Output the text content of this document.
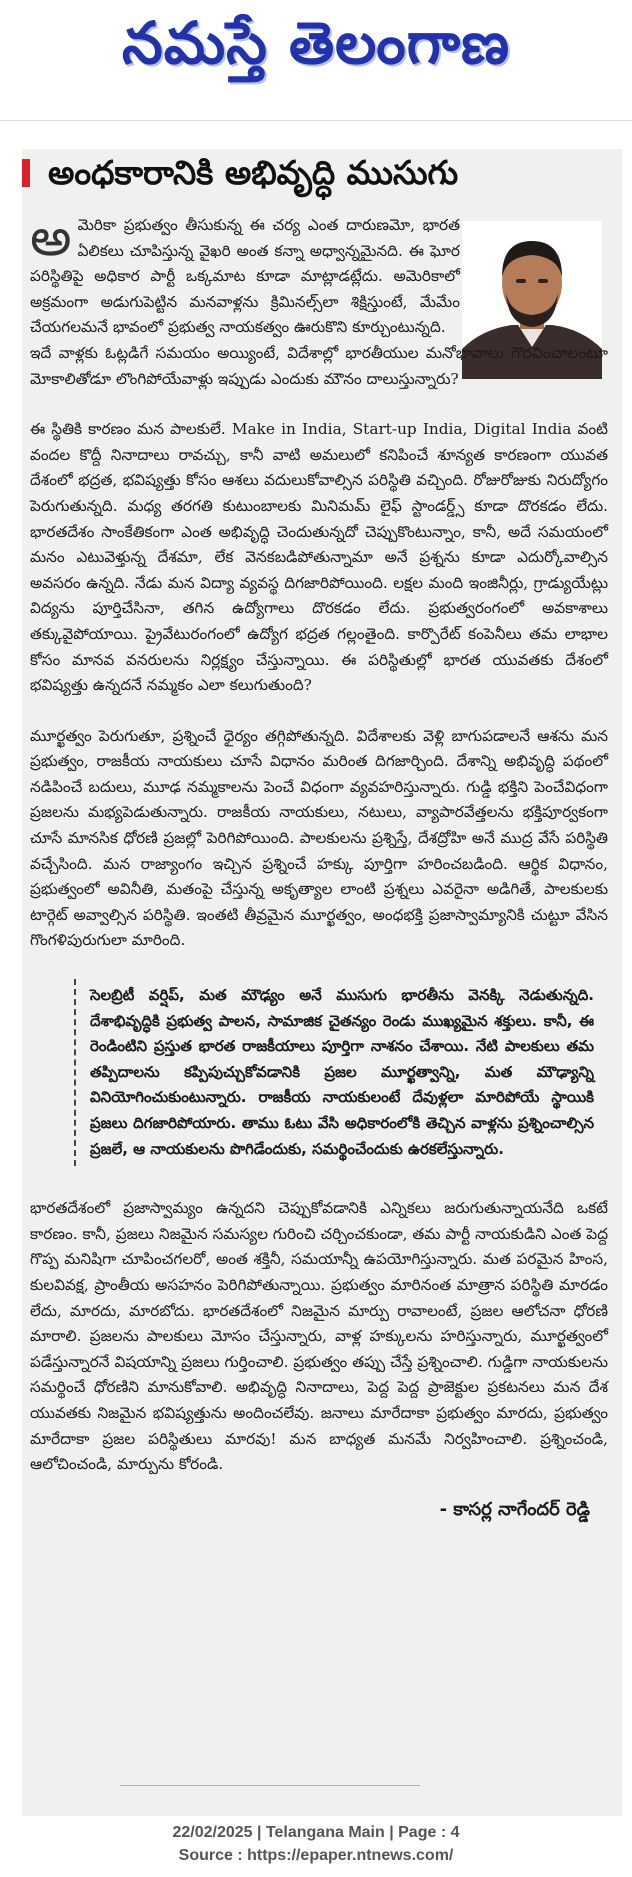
నమస్తే తెలంగాణ
అంధకారానికి అభివృద్ధి ముసుగు

అమెరికా ప్రభుత్వం తీసుకున్న ఈ చర్య ఎంత దారుణమో, భారత ఏలికలు చూపిస్తున్న వైఖరి అంత కన్నా అధ్వాన్నమైనది. ఈ ఘోర పరిస్థితిపై అధికార పార్టీ ఒక్కమాట కూడా మాట్లాడట్లేదు. అమెరికాలో అక్రమంగా అడుగుపెట్టిన మనవాళ్లను క్రిమినల్స్‌లా శిక్షిస్తుంటే, మేమేం చేయగలమనే భావంలో ప్రభుత్వ నాయకత్వం ఊరుకొని కూర్చుంటున్నది.

ఇదే వాళ్లకు ఓట్లడిగే సమయం అయ్యింటే, విదేశాల్లో భారతీయుల మనోభావాలు గౌరవించాలంటూ మోకాలితోడూ లొంగిపోయేవాళ్లు ఇప్పుడు ఎందుకు మౌనం దాలుస్తున్నారు?

ఈ స్థితికి కారణం మన పాలకులే. Make in India, Start-up India, Digital India వంటి వందల కొద్దీ నినాదాలు రావచ్చు, కానీ వాటి అమలులో కనిపించే శూన్యత కారణంగా యువత దేశంలో భద్రత, భవిష్యత్తు కోసం ఆశలు వదులుకోవాల్సిన పరిస్థితి వచ్చింది. రోజురోజుకు నిరుద్యోగం పెరుగుతున్నది. మధ్య తరగతి కుటుంబాలకు మినిమమ్ లైఫ్ స్టాండర్డ్స్ కూడా దొరకడం లేదు. భారతదేశం సాంకేతికంగా ఎంత అభివృద్ధి చెందుతున్నదో చెప్పుకొంటున్నాం, కానీ, అదే సమయంలో మనం ఎటువెళ్తున్న దేశమా, లేక వెనకబడిపోతున్నామా అనే ప్రశ్నను కూడా ఎదుర్కోవాల్సిన అవసరం ఉన్నది. నేడు మన విద్యా వ్యవస్థ దిగజారిపోయింది. లక్షల మంది ఇంజినీర్లు, గ్రాడ్యుయేట్లు విద్యను పూర్తిచేసినా, తగిన ఉద్యోగాలు దొరకడం లేదు. ప్రభుత్వరంగంలో అవకాశాలు తక్కువైపోయాయి. ప్రైవేటురంగంలో ఉద్యోగ భద్రత గల్లంతైంది. కార్పొరేట్ కంపెనీలు తమ లాభాల కోసం మానవ వనరులను నిర్లక్ష్యం చేస్తున్నాయి. ఈ పరిస్థితుల్లో భారత యువతకు దేశంలో భవిష్యత్తు ఉన్నదనే నమ్మకం ఎలా కలుగుతుంది?

మూర్ఖత్వం పెరుగుతూ, ప్రశ్నించే ధైర్యం తగ్గిపోతున్నది. విదేశాలకు వెళ్లి బాగుపడాలనే ఆశను మన ప్రభుత్వం, రాజకీయ నాయకులు చూసే విధానం మరింత దిగజార్చింది. దేశాన్ని అభివృద్ధి పథంలో నడిపించే బదులు, మూఢ నమ్మకాలను పెంచే విధంగా వ్యవహరిస్తున్నారు. గుడ్డి భక్తిని పెంచేవిధంగా ప్రజలను మభ్యపెడుతున్నారు. రాజకీయ నాయకులు, నటులు, వ్యాపారవేత్తలను భక్తిపూర్వకంగా చూసే మానసిక ధోరణి ప్రజల్లో పెరిగిపోయింది. పాలకులను ప్రశ్నిస్తే, దేశద్రోహి అనే ముద్ర వేసే పరిస్థితి వచ్చేసింది. మన రాజ్యాంగం ఇచ్చిన ప్రశ్నించే హక్కు పూర్తిగా హరించబడింది. ఆర్థిక విధానం, ప్రభుత్వంలో అవినీతి, మతంపై చేస్తున్న అకృత్యాల లాంటి ప్రశ్నలు ఎవరైనా అడిగితే, పాలకులకు టార్గెట్ అవ్వాల్సిన పరిస్థితి. ఇంతటి తీవ్రమైన మూర్ఖత్వం, అంధభక్తి ప్రజాస్వామ్యానికి చుట్టూ వేసిన గొంగళిపురుగులా మారింది.

సెలబ్రిటీ వర్షిప్, మత మౌఢ్యం అనే ముసుగు భారతీను వెనక్కి నెడుతున్నది. దేశాభివృద్ధికి ప్రభుత్వ పాలన, సామాజిక చైతన్యం రెండు ముఖ్యమైన శక్తులు. కానీ, ఈ రెండింటిని ప్రస్తుత భారత రాజకీయాలు పూర్తిగా నాశనం చేశాయి. నేటి పాలకులు తమ తప్పిదాలను కప్పిపుచ్చుకోవడానికి ప్రజల మూర్ఖత్వాన్ని, మత మౌఢ్యాన్ని వినియోగించుకుంటున్నారు. రాజకీయ నాయకులంటే దేవుళ్లలా మారిపోయే స్థాయికి ప్రజలు దిగజారిపోయారు. తాము ఓటు వేసి అధికారంలోకి తెచ్చిన వాళ్లను ప్రశ్నించాల్సిన ప్రజలే, ఆ నాయకులను పొగిడేందుకు, సమర్థించేందుకు ఉరకలేస్తున్నారు.

భారతదేశంలో ప్రజాస్వామ్యం ఉన్నదని చెప్పుకోవడానికి ఎన్నికలు జరుగుతున్నాయనేది ఒకటే కారణం. కానీ, ప్రజలు నిజమైన సమస్యల గురించి చర్చించకుండా, తమ పార్టీ నాయకుడిని ఎంత పెద్ద గొప్ప మనిషిగా చూపించగలరో, అంత శక్తినీ, సమయాన్నీ ఉపయోగిస్తున్నారు. మత పరమైన హింస, కులవివక్ష, ప్రాంతీయ అసహనం పెరిగిపోతున్నాయి. ప్రభుత్వం మారినంత మాత్రాన పరిస్థితి మారడం లేదు, మారదు, మారబోదు. భారతదేశంలో నిజమైన మార్పు రావాలంటే, ప్రజల ఆలోచనా ధోరణి మారాలి. ప్రజలను పాలకులు మోసం చేస్తున్నారు, వాళ్ల హక్కులను హరిస్తున్నారు, మూర్ఖత్వంలో పడేస్తున్నారనే విషయాన్ని ప్రజలు గుర్తించాలి. ప్రభుత్వం తప్పు చేస్తే ప్రశ్నించాలి. గుడ్డిగా నాయకులను సమర్థించే ధోరణిని మానుకోవాలి. అభివృద్ధి నినాదాలు, పెద్ద పెద్ద ప్రాజెక్టుల ప్రకటనలు మన దేశ యువతకు నిజమైన భవిష్యత్తును అందించలేవు. జనాలు మారేదాకా ప్రభుత్వం మారదు, ప్రభుత్వం మారేదాకా ప్రజల పరిస్థితులు మారవు! మన బాధ్యత మనమే నిర్వహించాలి. ప్రశ్నించండి, ఆలోచించండి, మార్పును కోరండి.

- కాసర్ల నాగేందర్ రెడ్డి
22/02/2025 | Telangana Main | Page : 4
Source : https://epaper.ntnews.com/
